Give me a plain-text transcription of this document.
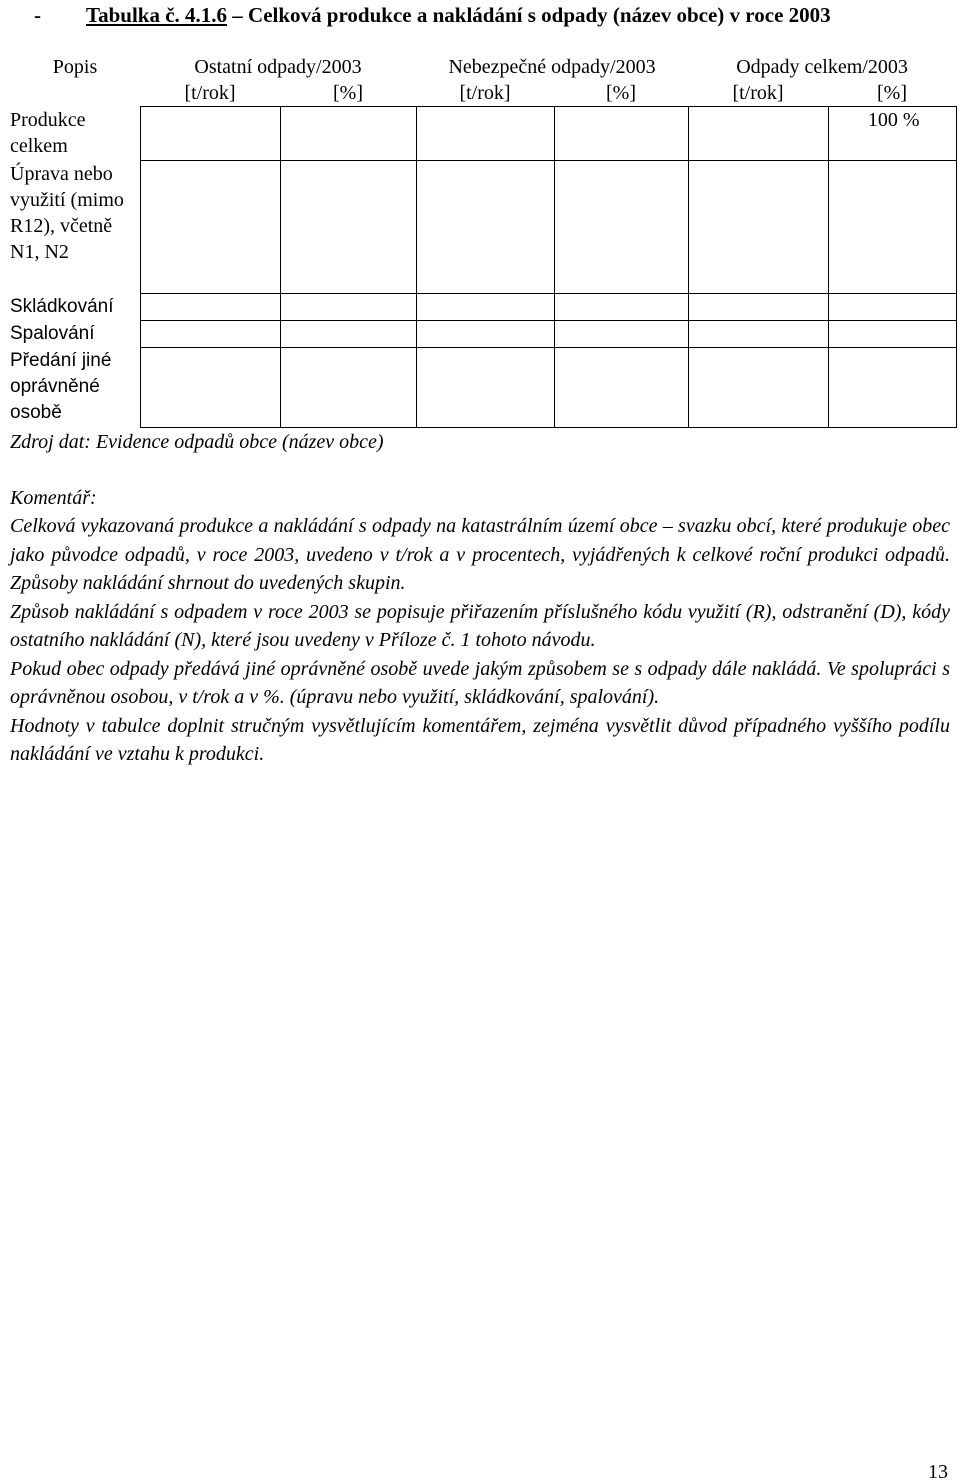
- Tabulka č. 4.1.6 – Celková produkce a nakládání s odpady (název obce) v roce 2003
Popis	Ostatní odpady/2003		Nebezpečné odpady/2003		Odpady celkem/2003	
	[t/rok]	[%]	[t/rok]	[%]	[t/rok]	[%]
Produkce celkem						100 %
Úprava nebo využití (mimo R12), včetně N1, N2						
Skládkování						
Spalování						
Předání jiné oprávněné osobě						
Zdroj dat: Evidence odpadů obce (název obce)
Komentář:

Celková vykazovaná produkce a nakládání s odpady na katastrálním území obce – svazku obcí, které produkuje obec jako původce odpadů, v roce 2003, uvedeno v t/rok a v procentech, vyjádřených k celkové roční produkci odpadů. Způsoby nakládání shrnout do uvedených skupin.

Způsob nakládání s odpadem v roce 2003 se popisuje přiřazením příslušného kódu využití (R), odstranění (D), kódy ostatního nakládání (N), které jsou uvedeny v Příloze č. 1 tohoto návodu.

Pokud obec odpady předává jiné oprávněné osobě uvede jakým způsobem se s odpady dále nakládá. Ve spolupráci s oprávněnou osobou, v t/rok a v %. (úpravu nebo využití, skládkování, spalování).

Hodnoty v tabulce doplnit stručným vysvětlujícím komentářem, zejména vysvětlit důvod případného vyššího podílu nakládání ve vztahu k produkci.

13
